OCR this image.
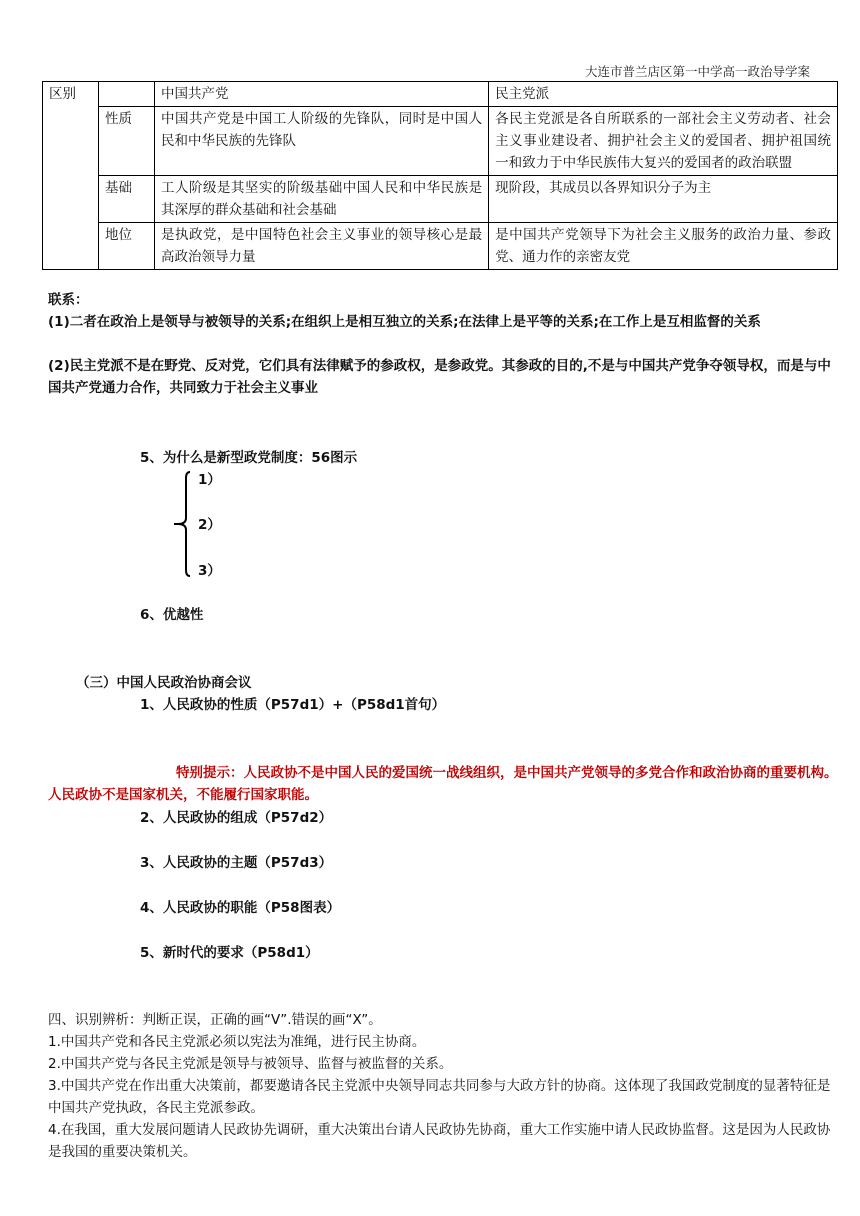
大连市普兰店区第一中学高一政治导学案
区别		中国共产党	民主党派
	性质	中国共产党是中国工人阶级的先锋队，同时是中国人民和中华民族的先锋队	各民主党派是各自所联系的一部社会主义劳动者、社会主义事业建设者、拥护社会主义的爱国者、拥护祖国统一和致力于中华民族伟大复兴的爱国者的政治联盟
	基础	工人阶级是其坚实的阶级基础中国人民和中华民族是其深厚的群众基础和社会基础	现阶段，其成员以各界知识分子为主
	地位	是执政党，是中国特色社会主义事业的领导核心是最高政治领导力量	是中国共产党领导下为社会主义服务的政治力量、参政党、通力作的亲密友党

联系：

(1)二者在政治上是领导与被领导的关系;在组织上是相互独立的关系;在法律上是平等的关系;在工作上是互相监督的关系

(2)民主党派不是在野党、反对党，它们具有法律赋予的参政权，是参政党。其参政的目的,不是与中国共产党争夺领导权，而是与中国共产党通力合作，共同致力于社会主义事业

5、为什么是新型政党制度：56图示

1）

2）

3）

6、优越性

（三）中国人民政治协商会议

1、人民政协的性质（P57d1）+（P58d1首句）

特别提示：人民政协不是中国人民的爱国统一战线组织，是中国共产党领导的多党合作和政治协商的重要机构。人民政协不是国家机关，不能履行国家职能。

2、人民政协的组成（P57d2）

3、人民政协的主题（P57d3）

4、人民政协的职能（P58图表）

5、新时代的要求（P58d1）

四、识别辨析：判断正误，正确的画“V”.错误的画“X”。

1.中国共产党和各民主党派必须以宪法为准绳，进行民主协商。

2.中国共产党与各民主党派是领导与被领导、监督与被监督的关系。

3.中国共产党在作出重大决策前，都要邀请各民主党派中央领导同志共同参与大政方针的协商。这体现了我国政党制度的显著特征是中国共产党执政，各民主党派参政。

4.在我国，重大发展问题请人民政协先调研，重大决策出台请人民政协先协商，重大工作实施中请人民政协监督。这是因为人民政协是我国的重要决策机关。
